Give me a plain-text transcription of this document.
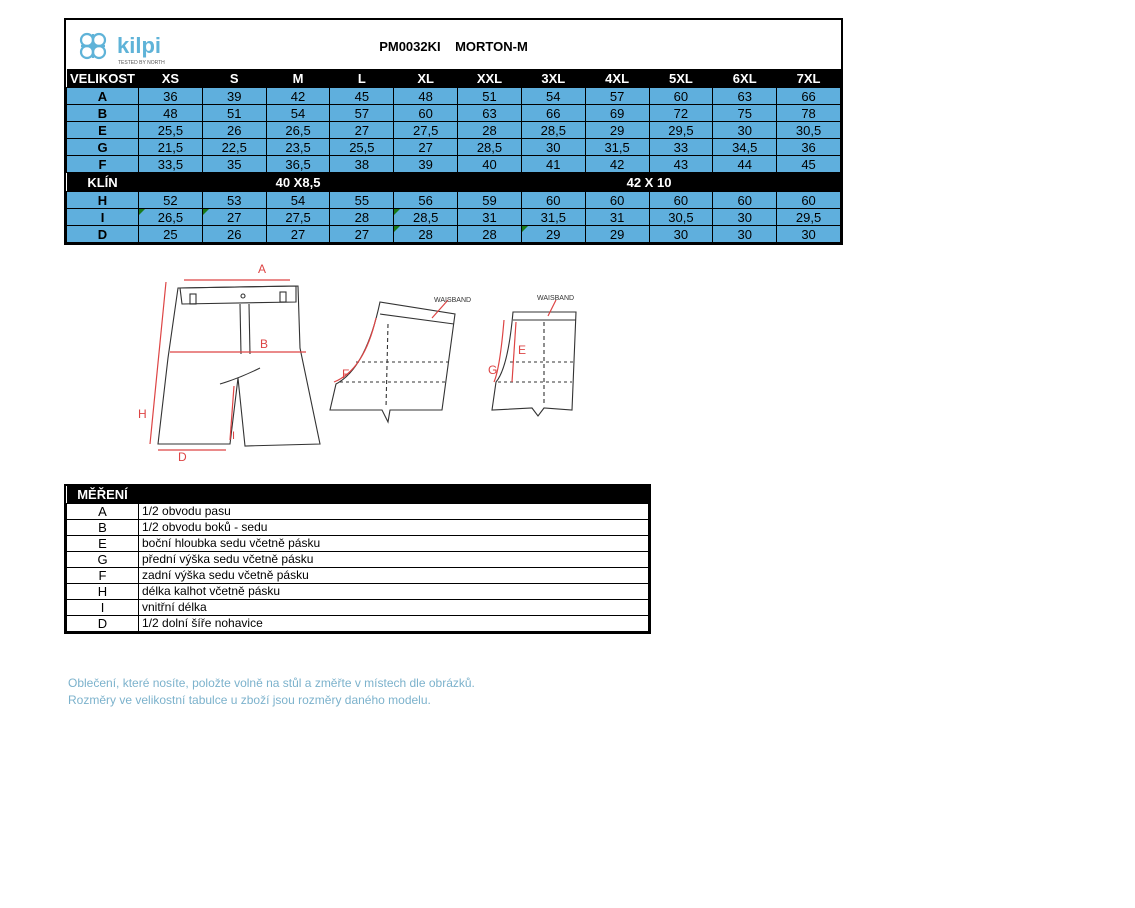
kilpi
TESTED BY NORTH
PM0032KI MORTON-M											

VELIKOST	XS	S	M	L	XL	XXL	3XL	4XL	5XL	6XL	7XL
A	36	39	42	45	48	51	54	57	60	63	66
B	48	51	54	57	60	63	66	69	72	75	78
E	25,5	26	26,5	27	27,5	28	28,5	29	29,5	30	30,5
G	21,5	22,5	23,5	25,5	27	28,5	30	31,5	33	34,5	36
F	33,5	35	36,5	38	39	40	41	42	43	44	45
KLÍN	40 X8,5					42 X 10					
H	52	53	54	55	56	59	60	60	60	60	60
I	26,5	27	27,5	28	28,5	31	31,5	31	30,5	30	29,5
D	25	26	27	27	28	28	29	29	30	30	30
A
B
H
I
D
WAISBAND
F
WAISBAND
E
G
MĚŘENÍ	
A	1/2 obvodu pasu
B	1/2 obvodu boků - sedu
E	boční hloubka sedu včetně pásku
G	přední výška sedu včetně pásku
F	zadní výška sedu včetně pásku
H	délka kalhot včetně pásku
I	vnitřní délka
D	1/2 dolní šíře nohavice
Oblečení, které nosíte, položte volně na stůl a změřte v místech dle obrázků.
Rozměry ve velikostní tabulce u zboží jsou rozměry daného modelu.
